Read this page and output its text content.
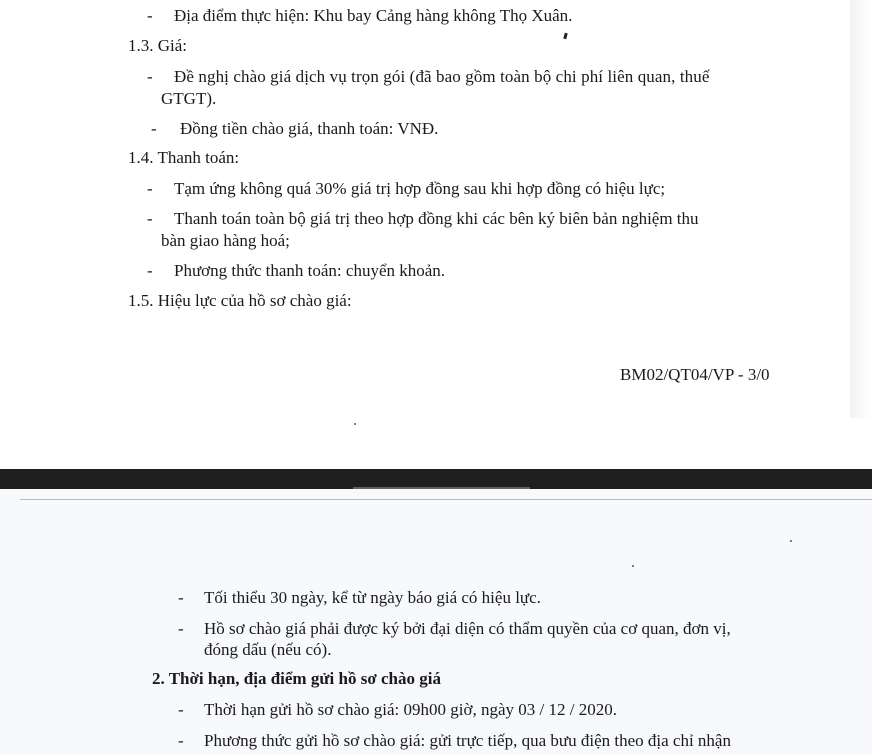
- Địa điểm thực hiện: Khu bay Cảng hàng không Thọ Xuân.
1.3. Giá:
- Đề nghị chào giá dịch vụ trọn gói (đã bao gồm toàn bộ chi phí liên quan, thuế
GTGT).
- Đồng tiền chào giá, thanh toán: VNĐ.
1.4. Thanh toán:
- Tạm ứng không quá 30% giá trị hợp đồng sau khi hợp đồng có hiệu lực;
- Thanh toán toàn bộ giá trị theo hợp đồng khi các bên ký biên bản nghiệm thu
bàn giao hàng hoá;
- Phương thức thanh toán: chuyển khoản.
1.5. Hiệu lực của hồ sơ chào giá:
BM02/QT04/VP - 3/0
- Tối thiểu 30 ngày, kể từ ngày báo giá có hiệu lực.
- Hồ sơ chào giá phải được ký bởi đại diện có thẩm quyền của cơ quan, đơn vị,
đóng dấu (nếu có).
2. Thời hạn, địa điểm gửi hồ sơ chào giá
- Thời hạn gửi hồ sơ chào giá: 09h00 giờ, ngày 03 / 12 / 2020.
- Phương thức gửi hồ sơ chào giá: gửi trực tiếp, qua bưu điện theo địa chỉ nhận
